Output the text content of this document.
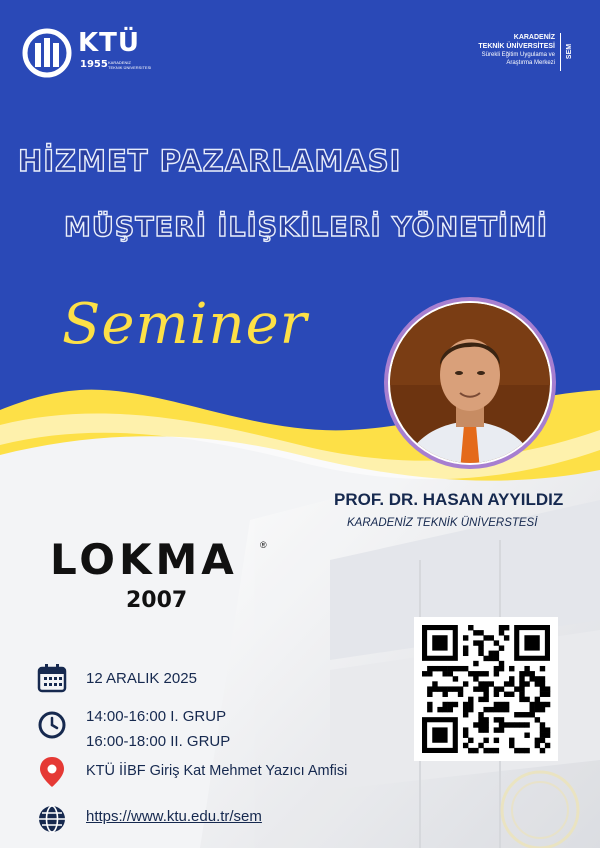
KTÜ
1955 KARADENIZ
TEKNIK ÜNIVERSITESI
KARADENİZ
TEKNİK ÜNİVERSİTESİ
Sürekli Eğitim Uygulama ve
Araştırma Merkezi
SEM
HİZMET PAZARLAMASI
MÜŞTERİ İLİŞKİLERİ YÖNETİMİ
Seminer
PROF. DR. HASAN AYYILDIZ
KARADENİZ TEKNİK ÜNİVERSTESİ
LOKMA ®
2007
12 ARALIK 2025
14:00-16:00 I. GRUP
16:00-18:00 II. GRUP
KTÜ İİBF Giriş Kat Mehmet Yazıcı Amfisi
https://www.ktu.edu.tr/sem
